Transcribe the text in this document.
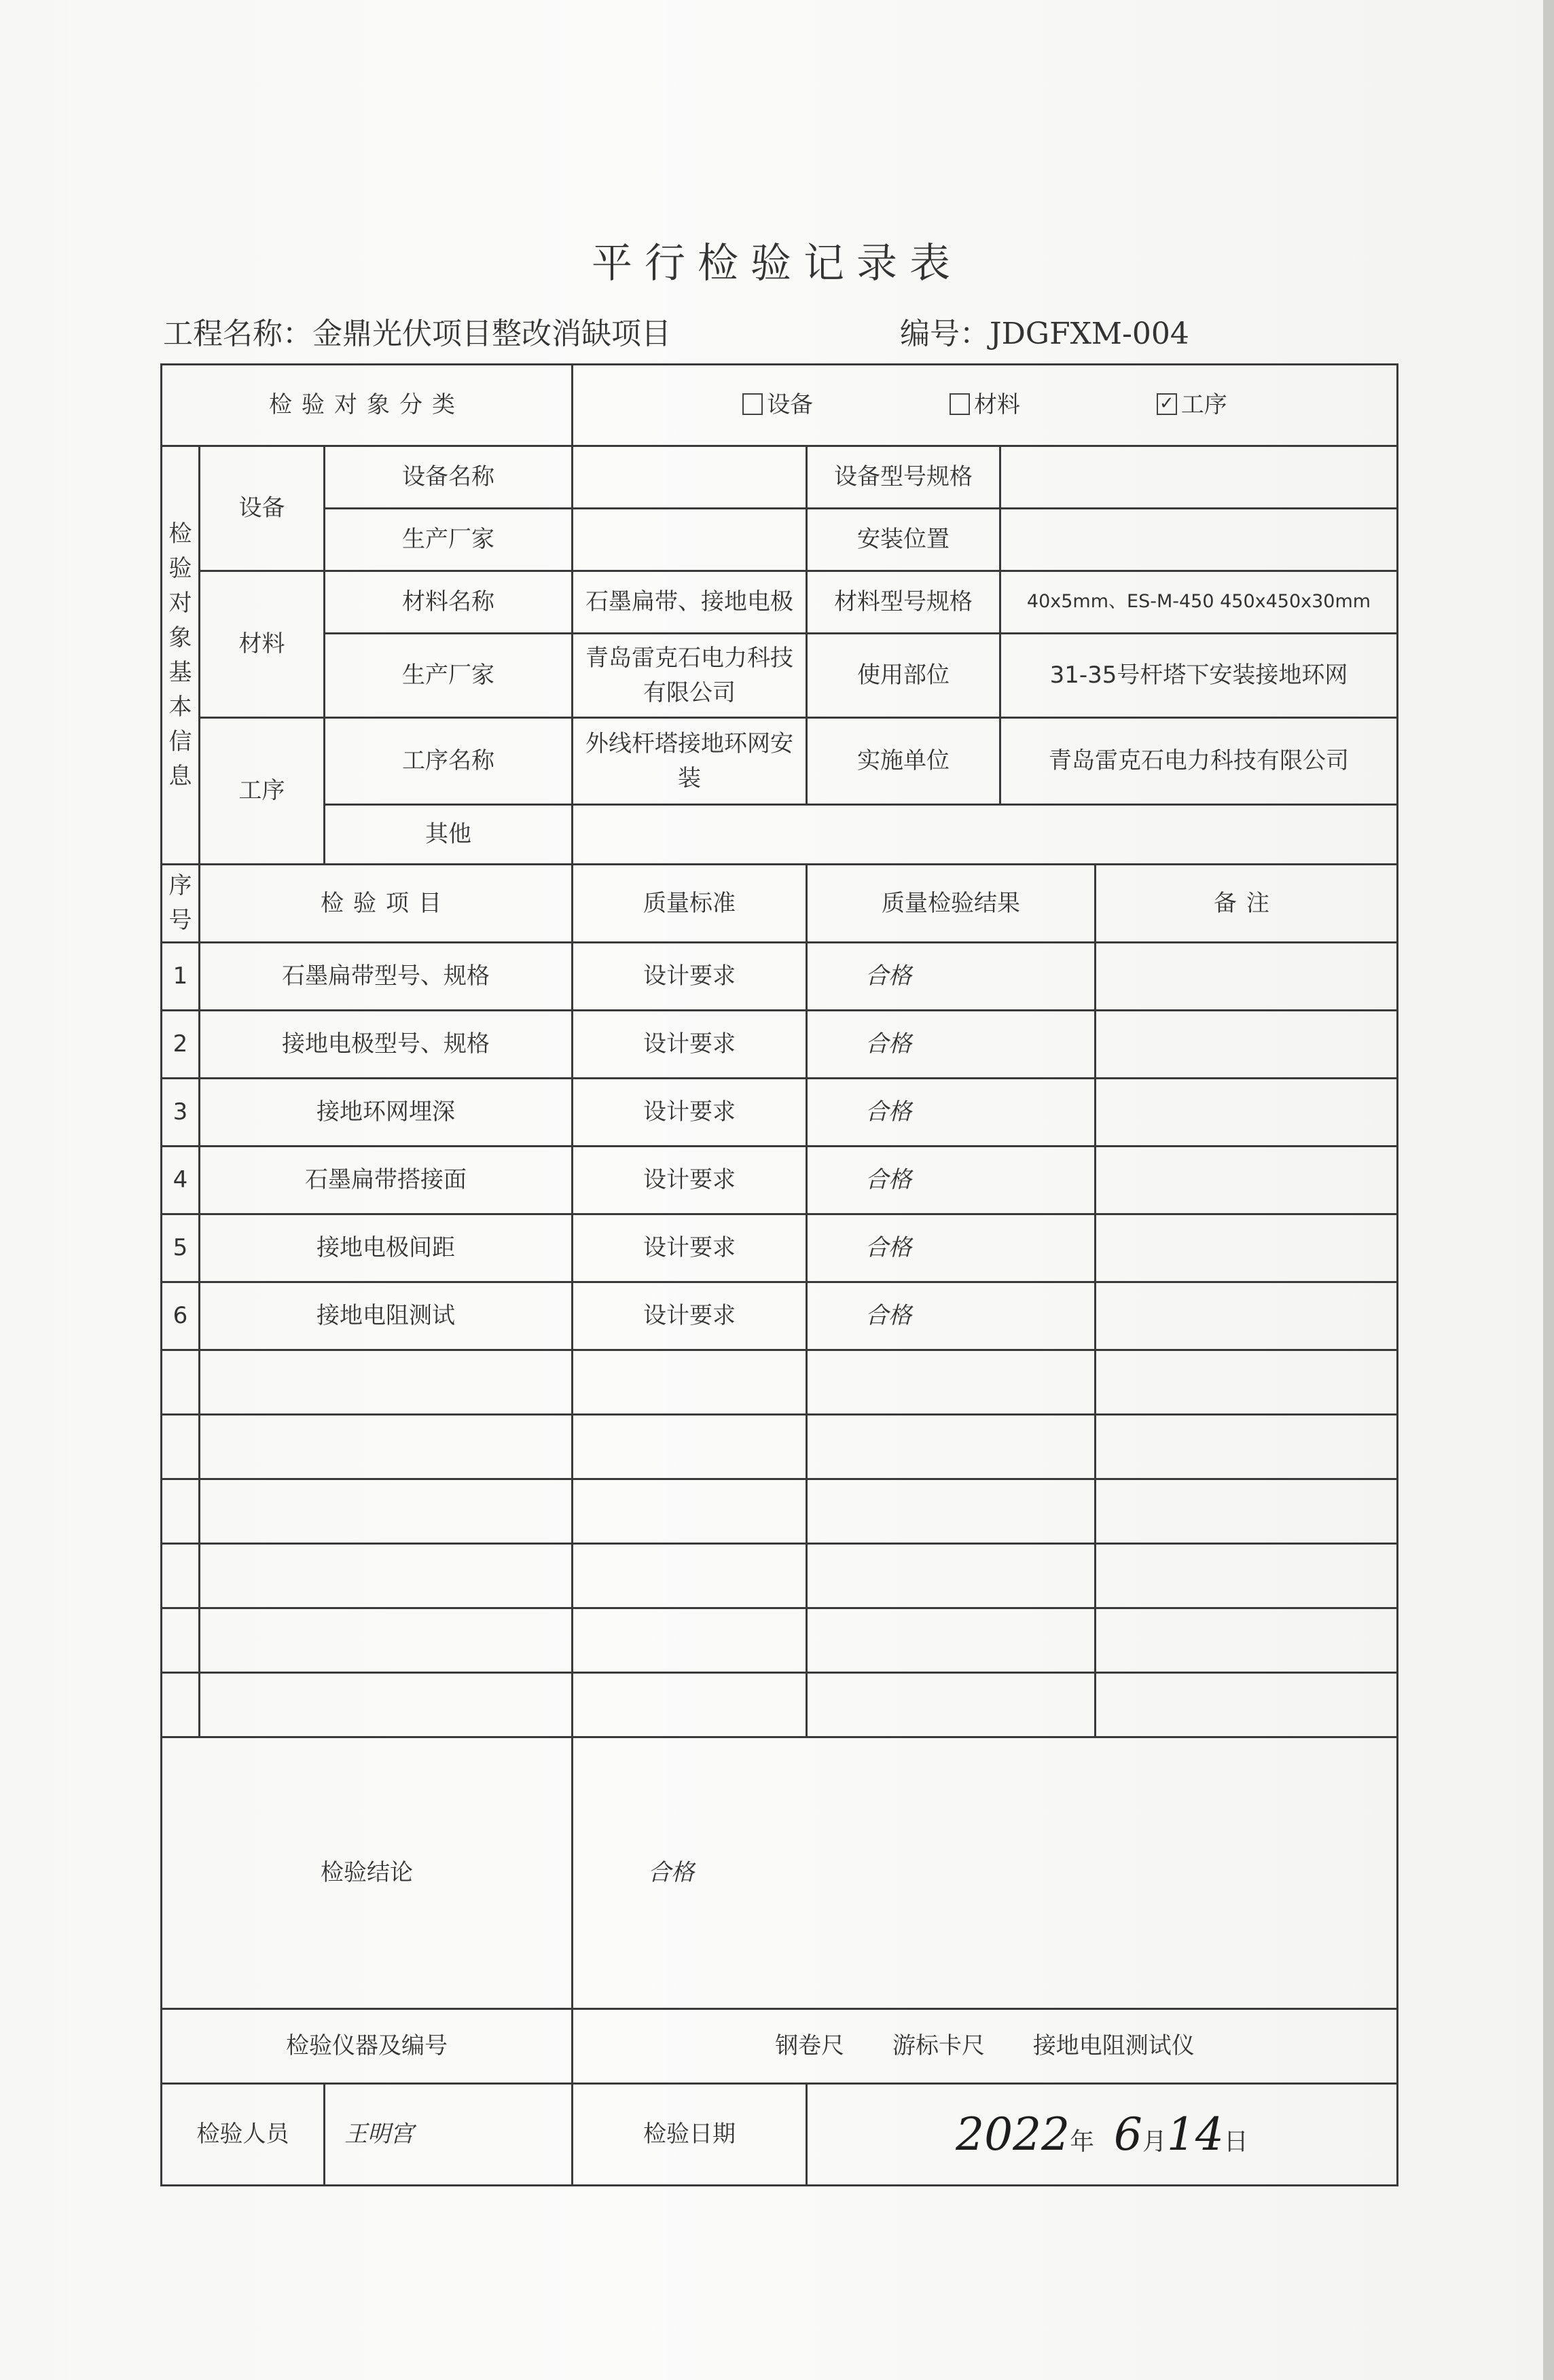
平行检验记录表
工程名称：金鼎光伏项目整改消缺项目	编号：JDGFXM-004
检验对象分类			设备 材料 ✓ 工序			
检验对象基本信息	设备	设备名称		设备型号规格		
		生产厂家		安装位置		
	材料	材料名称	石墨扁带、接地电极	材料型号规格	40x5mm、ES-M-450 450x450x30mm	
		生产厂家	青岛雷克石电力科技有限公司	使用部位	31-35号杆塔下安装接地环网	
	工序	工序名称	外线杆塔接地环网安装	实施单位	青岛雷克石电力科技有限公司	
		其他				

序号	检验项目		质量标准	质量检验结果		备注
1	石墨扁带型号、规格		设计要求	合格		
2	接地电极型号、规格		设计要求	合格		
3	接地环网埋深		设计要求	合格		
4	石墨扁带搭接面		设计要求	合格		
5	接地电极间距		设计要求	合格		
6	接地电阻测试		设计要求	合格		

检验结论			合格			
检验仪器及编号			钢卷尺 游标卡尺 接地电阻测试仪			
检验人员		王明宫	检验日期	2022年 6月14日		
